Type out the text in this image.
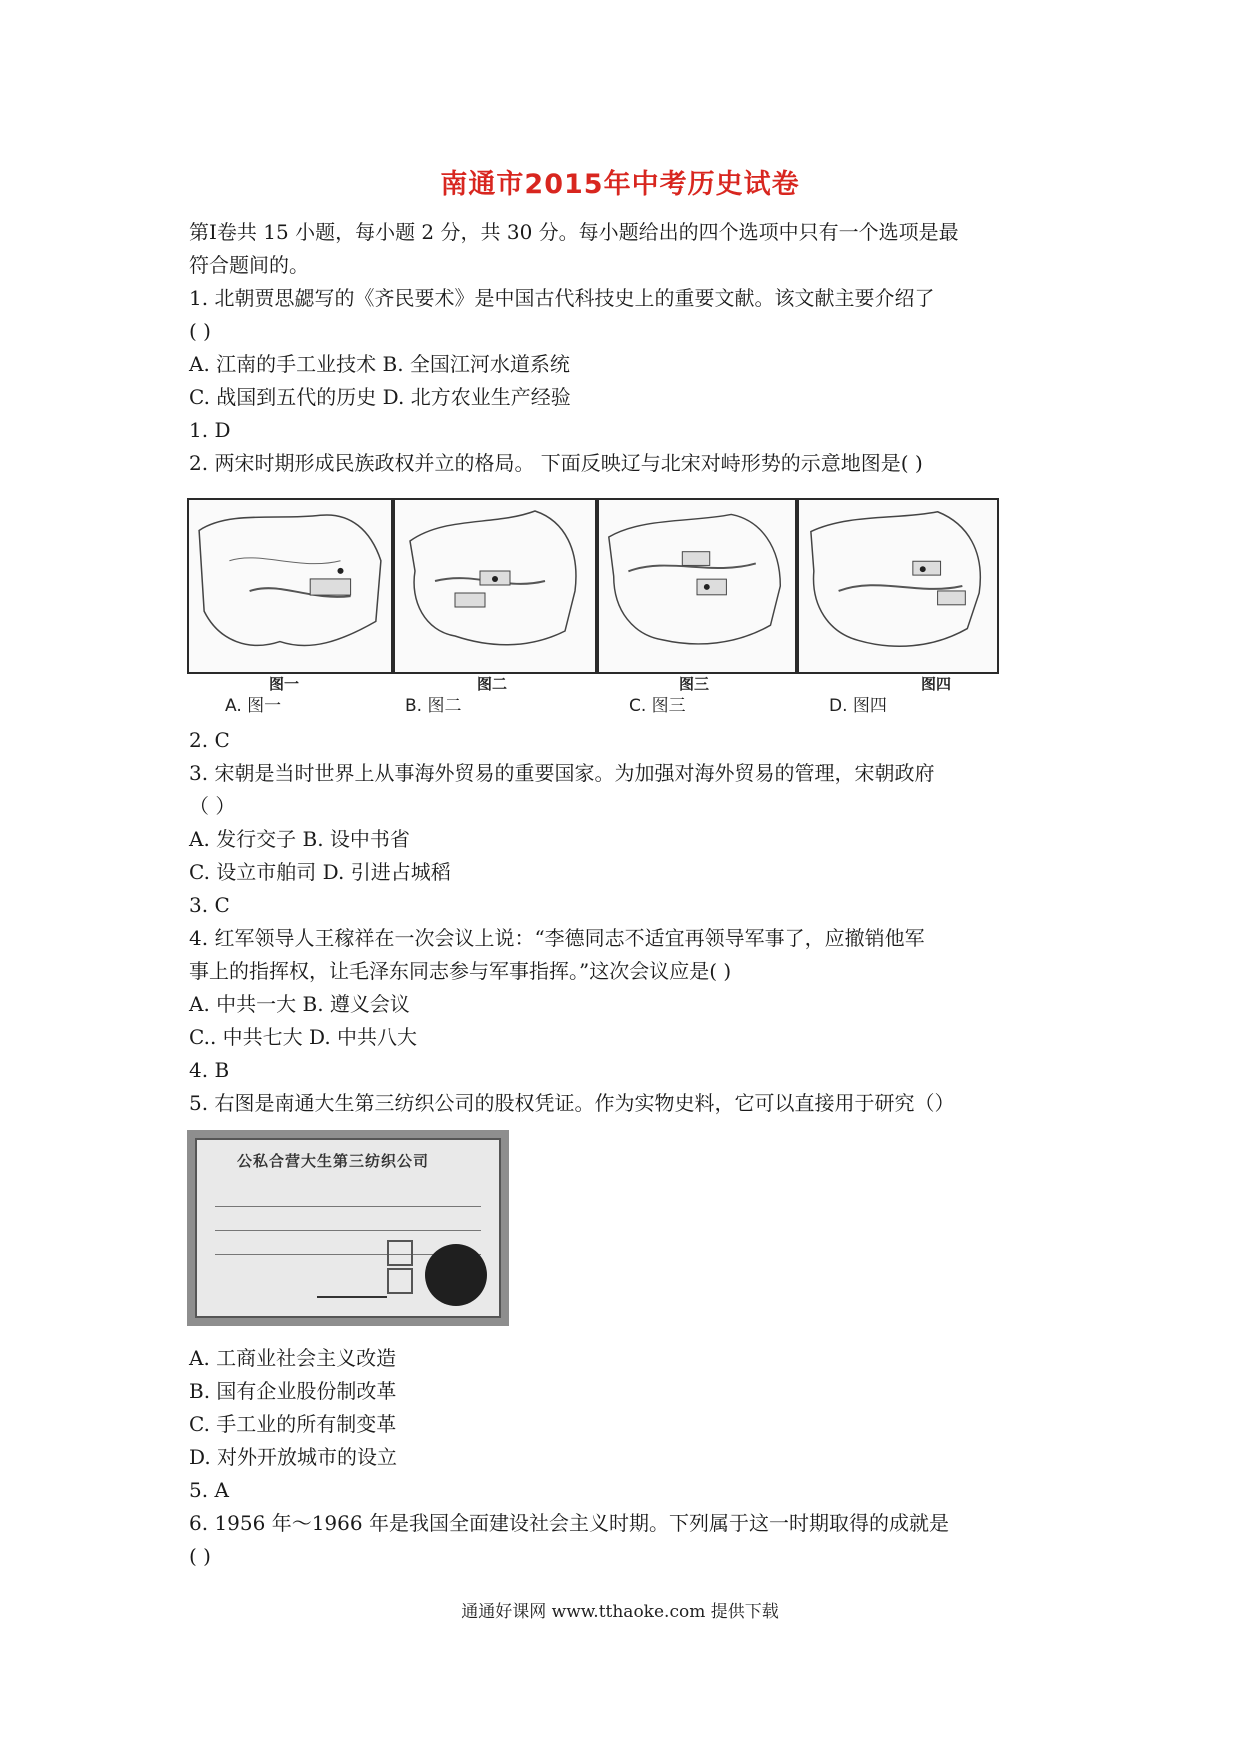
南通市2015年中考历史试卷
第Ⅰ卷共 15 小题，每小题 2 分，共 30 分。每小题给出的四个选项中只有一个选项是最
符合题间的。
1. 北朝贾思勰写的《齐民要术》是中国古代科技史上的重要文献。该文献主要介绍了
( )
A. 江南的手工业技术 B. 全国江河水道系统
C. 战国到五代的历史 D. 北方农业生产经验
1. D
2. 两宋时期形成民族政权并立的格局。 下面反映辽与北宋对峙形势的示意地图是( )
图一	图二	图三	图四
A. 图一	B. 图二	C. 图三	D. 图四
2. C
3. 宋朝是当时世界上从事海外贸易的重要国家。为加强对海外贸易的管理，宋朝政府
（ ）
A. 发行交子 B. 设中书省
C. 设立市舶司 D. 引进占城稻
3. C
4. 红军领导人王稼祥在一次会议上说：“李德同志不适宜再领导军事了，应撤销他军
事上的指挥权，让毛泽东同志参与军事指挥。”这次会议应是( )
A. 中共一大 B. 遵义会议
C.. 中共七大 D. 中共八大
4. B
5. 右图是南通大生第三纺织公司的股权凭证。作为实物史料，它可以直接用于研究（）
公私合营大生第三纺织公司
A. 工商业社会主义改造
B. 国有企业股份制改革
C. 手工业的所有制变革
D. 对外开放城市的设立
5. A
6. 1956 年～1966 年是我国全面建设社会主义时期。下列属于这一时期取得的成就是
( )
通通好课网 www.tthaoke.com 提供下载
